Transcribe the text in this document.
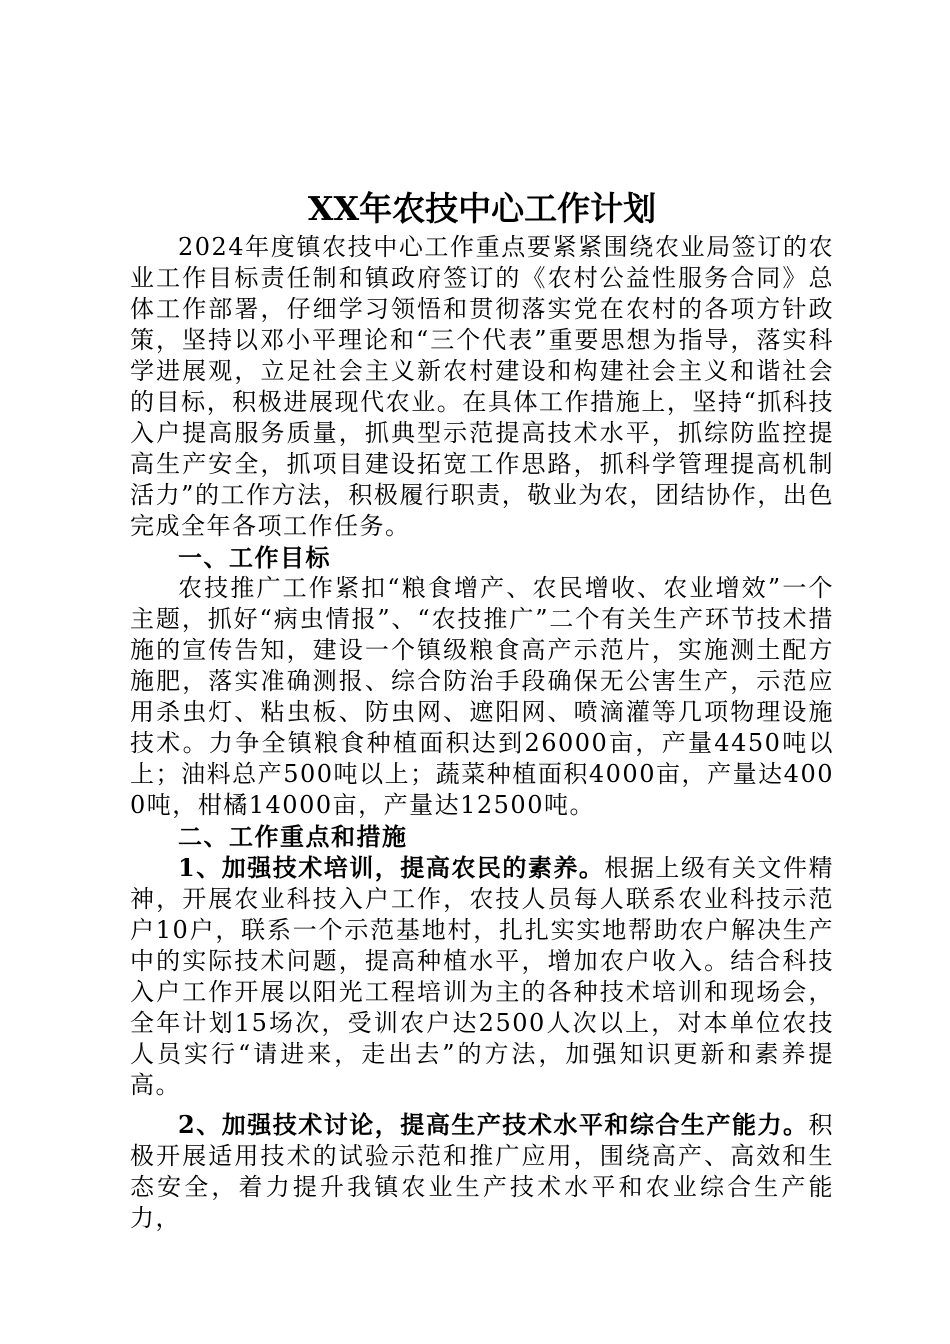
XX年农技中心工作计划

2024年度镇农技中心工作重点要紧紧围绕农业局签订的农业工作目标责任制和镇政府签订的《农村公益性服务合同》总体工作部署，仔细学习领悟和贯彻落实党在农村的各项方针政策，坚持以邓小平理论和“三个代表”重要思想为指导，落实科学进展观，立足社会主义新农村建设和构建社会主义和谐社会的目标，积极进展现代农业。在具体工作措施上，坚持“抓科技入户提高服务质量，抓典型示范提高技术水平，抓综防监控提高生产安全，抓项目建设拓宽工作思路，抓科学管理提高机制活力”的工作方法，积极履行职责，敬业为农，团结协作，出色完成全年各项工作任务。

一、工作目标

农技推广工作紧扣“粮食增产、农民增收、农业增效”一个主题，抓好“病虫情报”、“农技推广”二个有关生产环节技术措施的宣传告知，建设一个镇级粮食高产示范片，实施测土配方施肥，落实准确测报、综合防治手段确保无公害生产，示范应用杀虫灯、粘虫板、防虫网、遮阳网、喷滴灌等几项物理设施技术。力争全镇粮食种植面积达到26000亩，产量4450吨以上；油料总产500吨以上；蔬菜种植面积4000亩，产量达4000吨，柑橘14000亩，产量达12500吨。

二、工作重点和措施

1、加强技术培训，提高农民的素养。根据上级有关文件精神，开展农业科技入户工作，农技人员每人联系农业科技示范户10户，联系一个示范基地村，扎扎实实地帮助农户解决生产中的实际技术问题，提高种植水平，增加农户收入。结合科技入户工作开展以阳光工程培训为主的各种技术培训和现场会，全年计划15场次，受训农户达2500人次以上，对本单位农技人员实行“请进来，走出去”的方法，加强知识更新和素养提高。

2、加强技术讨论，提高生产技术水平和综合生产能力。积极开展适用技术的试验示范和推广应用，围绕高产、高效和生态安全，着力提升我镇农业生产技术水平和农业综合生产能力，
